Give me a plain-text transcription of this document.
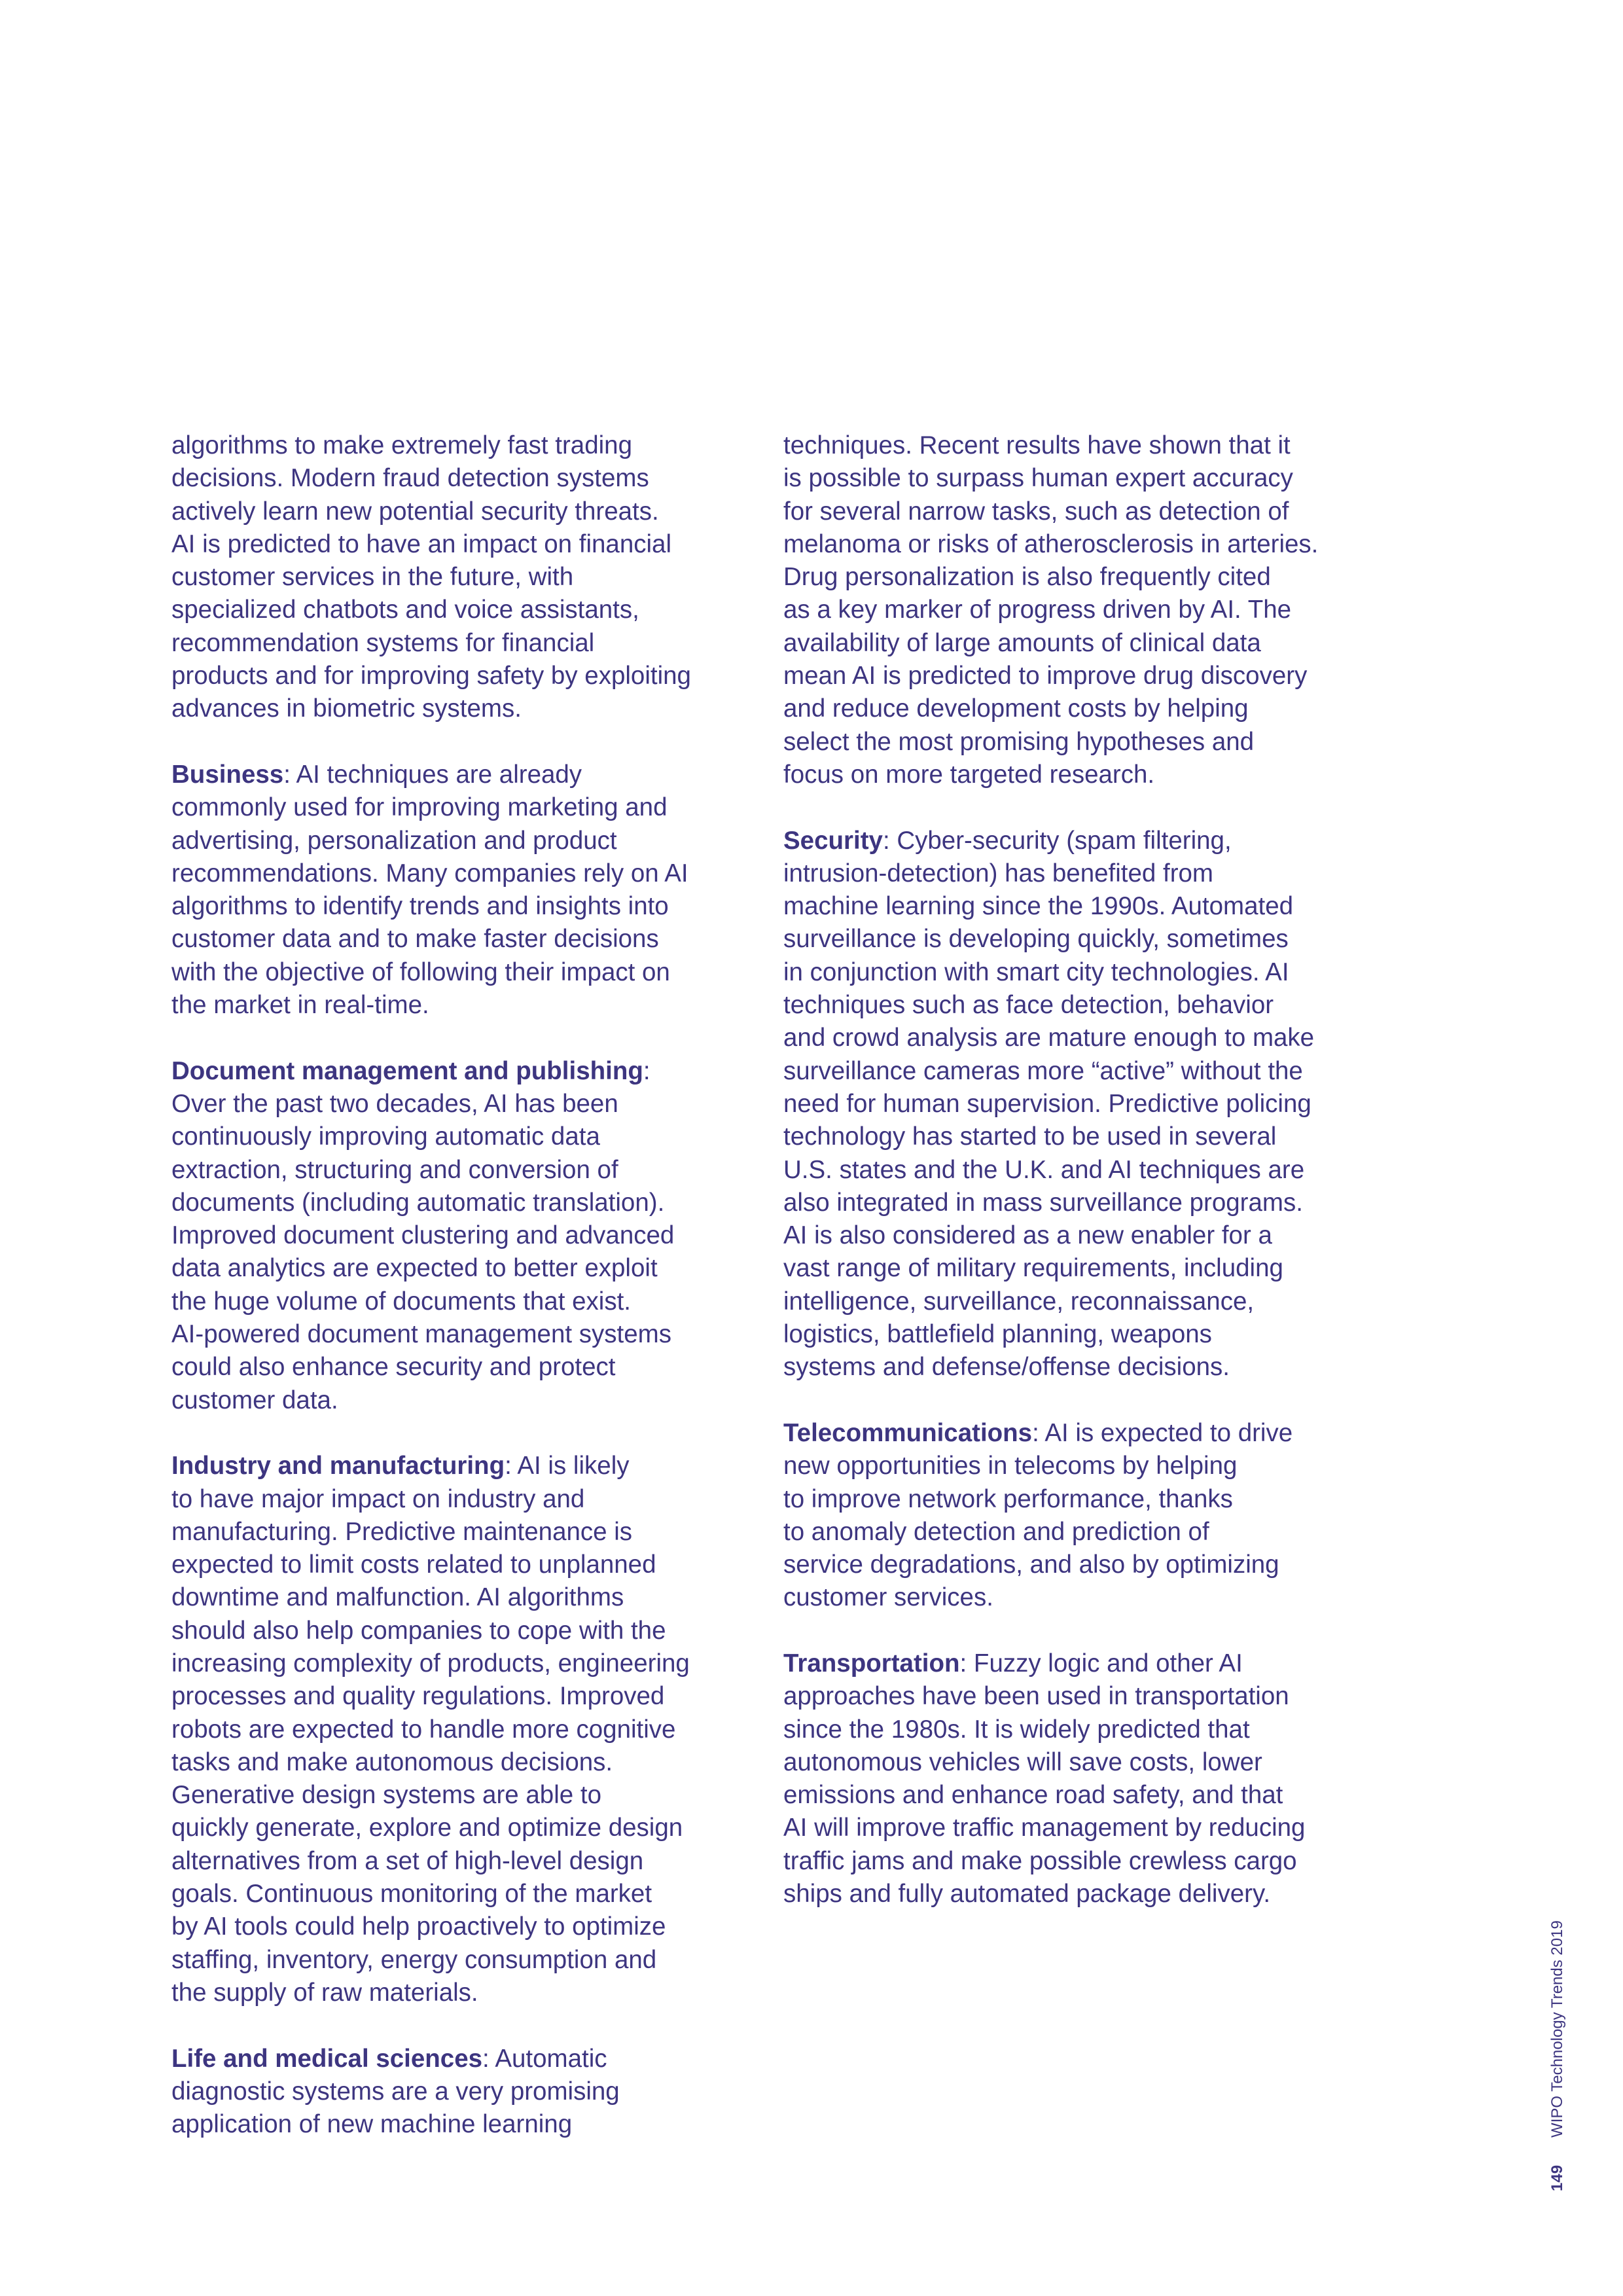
algorithms to make extremely fast trading
decisions. Modern fraud detection systems
actively learn new potential security threats.
AI is predicted to have an impact on financial
customer services in the future, with
specialized chatbots and voice assistants,
recommendation systems for financial
products and for improving safety by exploiting
advances in biometric systems.

Business: AI techniques are already
commonly used for improving marketing and
advertising, personalization and product
recommendations. Many companies rely on AI
algorithms to identify trends and insights into
customer data and to make faster decisions
with the objective of following their impact on
the market in real-time.

Document management and publishing:
Over the past two decades, AI has been
continuously improving automatic data
extraction, structuring and conversion of
documents (including automatic translation).
Improved document clustering and advanced
data analytics are expected to better exploit
the huge volume of documents that exist.
AI-powered document management systems
could also enhance security and protect
customer data.

Industry and manufacturing: AI is likely
to have major impact on industry and
manufacturing. Predictive maintenance is
expected to limit costs related to unplanned
downtime and malfunction. AI algorithms
should also help companies to cope with the
increasing complexity of products, engineering
processes and quality regulations. Improved
robots are expected to handle more cognitive
tasks and make autonomous decisions.
Generative design systems are able to
quickly generate, explore and optimize design
alternatives from a set of high-level design
goals. Continuous monitoring of the market
by AI tools could help proactively to optimize
staffing, inventory, energy consumption and
the supply of raw materials.

Life and medical sciences: Automatic
diagnostic systems are a very promising
application of new machine learning

techniques. Recent results have shown that it
is possible to surpass human expert accuracy
for several narrow tasks, such as detection of
melanoma or risks of atherosclerosis in arteries.
Drug personalization is also frequently cited
as a key marker of progress driven by AI. The
availability of large amounts of clinical data
mean AI is predicted to improve drug discovery
and reduce development costs by helping
select the most promising hypotheses and
focus on more targeted research.

Security: Cyber-security (spam filtering,
intrusion-detection) has benefited from
machine learning since the 1990s. Automated
surveillance is developing quickly, sometimes
in conjunction with smart city technologies. AI
techniques such as face detection, behavior
and crowd analysis are mature enough to make
surveillance cameras more “active” without the
need for human supervision. Predictive policing
technology has started to be used in several
U.S. states and the U.K. and AI techniques are
also integrated in mass surveillance programs.
AI is also considered as a new enabler for a
vast range of military requirements, including
intelligence, surveillance, reconnaissance,
logistics, battlefield planning, weapons
systems and defense/offense decisions.

Telecommunications: AI is expected to drive
new opportunities in telecoms by helping
to improve network performance, thanks
to anomaly detection and prediction of
service degradations, and also by optimizing
customer services.

Transportation: Fuzzy logic and other AI
approaches have been used in transportation
since the 1980s. It is widely predicted that
autonomous vehicles will save costs, lower
emissions and enhance road safety, and that
AI will improve traffic management by reducing
traffic jams and make possible crewless cargo
ships and fully automated package delivery.

149WIPO Technology Trends 2019
